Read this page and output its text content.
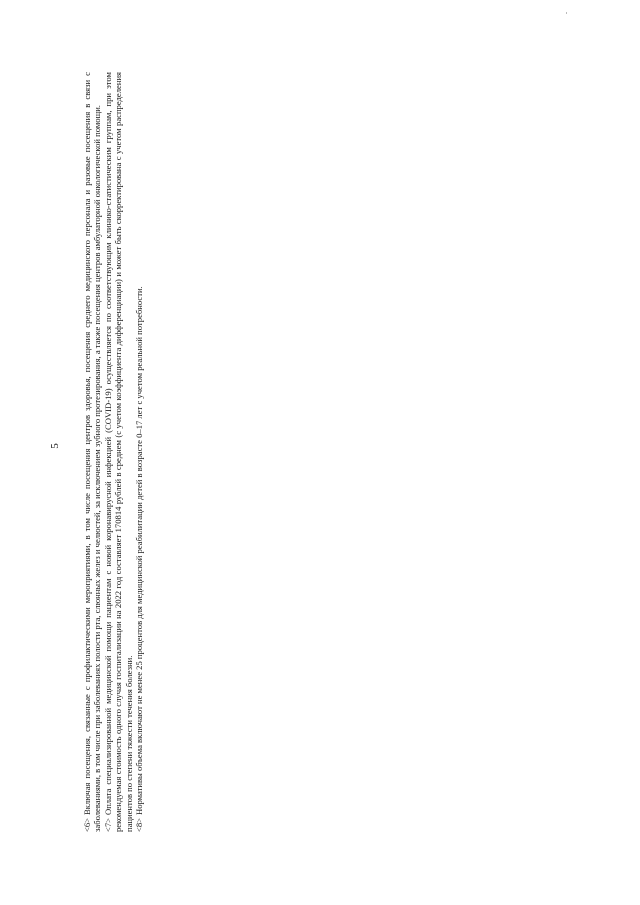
5

<6>Включая посещения, связанные с профилактическими мероприятиями, в том числе посещения центров здоровья, посещения среднего медицинского персонала и разовые посещения в связи с заболеваниями, в том числе при заболеваниях полости рта, слюнных желез и челюстей, за исключением зубного протезирования, а также посещения центров амбулаторной онкологической помощи. <7>Оплата специализированной медицинской помощи пациентам с новой коронавирусной инфекцией (COVID-19) осуществляется по соответствующим клинико-статистическим группам, при этом рекомендуемая стоимость одного случая госпитализации на 2022 год составляет 170814 рублей в среднем (с учетом коэффициента дифференциации) и может быть скорректирована с учетом распределения пациентов по степени тяжести течения болезни. <8>Нормативы объема включают не менее 25 процентов для медицинской реабилитации детей в возрасте 0–17 лет с учетом реальной потребности.
